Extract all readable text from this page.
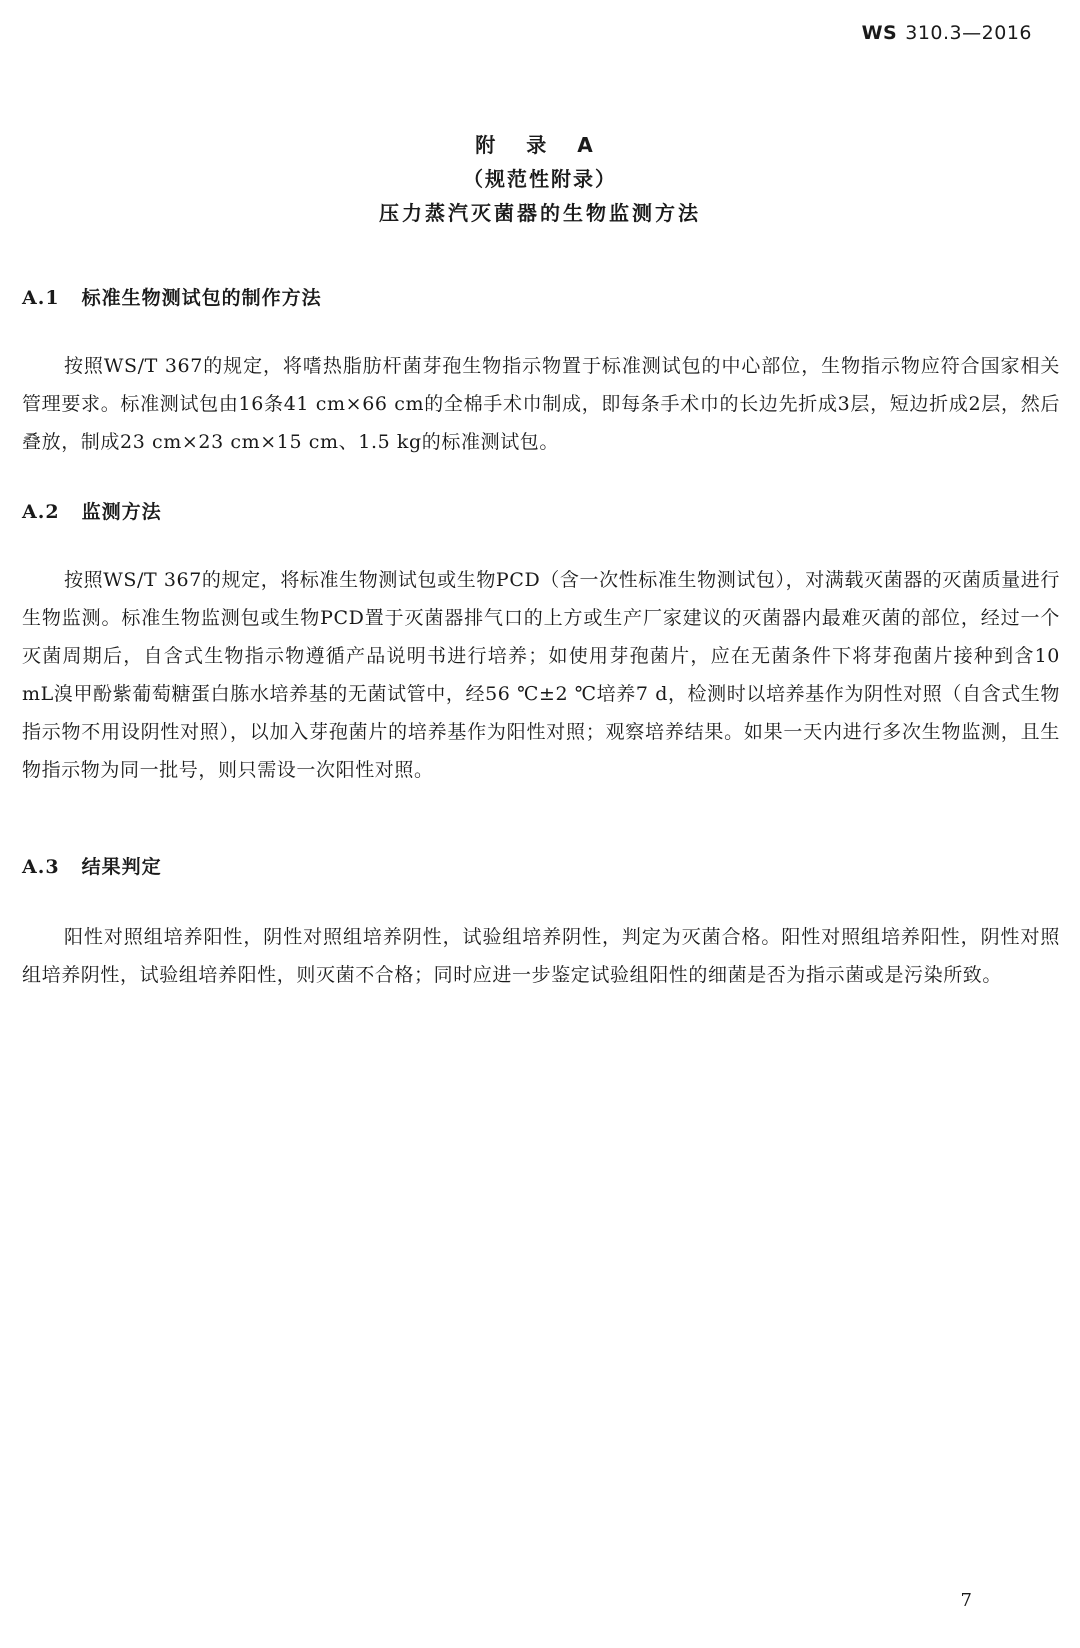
WS 310.3—2016
附 录 A
（规范性附录）
压力蒸汽灭菌器的生物监测方法
A.1 标准生物测试包的制作方法
按照WS/T 367的规定，将嗜热脂肪杆菌芽孢生物指示物置于标准测试包的中心部位，生物指示物应符合国家相关管理要求。标准测试包由16条41 cm×66 cm的全棉手术巾制成，即每条手术巾的长边先折成3层，短边折成2层，然后叠放，制成23 cm×23 cm×15 cm、1.5 kg的标准测试包。
A.2 监测方法
按照WS/T 367的规定，将标准生物测试包或生物PCD（含一次性标准生物测试包），对满载灭菌器的灭菌质量进行生物监测。标准生物监测包或生物PCD置于灭菌器排气口的上方或生产厂家建议的灭菌器内最难灭菌的部位，经过一个灭菌周期后，自含式生物指示物遵循产品说明书进行培养；如使用芽孢菌片，应在无菌条件下将芽孢菌片接种到含10 mL溴甲酚紫葡萄糖蛋白胨水培养基的无菌试管中，经56 ℃±2 ℃培养7 d，检测时以培养基作为阴性对照（自含式生物指示物不用设阴性对照），以加入芽孢菌片的培养基作为阳性对照；观察培养结果。如果一天内进行多次生物监测，且生物指示物为同一批号，则只需设一次阳性对照。
A.3 结果判定
阳性对照组培养阳性，阴性对照组培养阴性，试验组培养阴性，判定为灭菌合格。阳性对照组培养阳性，阴性对照组培养阴性，试验组培养阳性，则灭菌不合格；同时应进一步鉴定试验组阳性的细菌是否为指示菌或是污染所致。
7
